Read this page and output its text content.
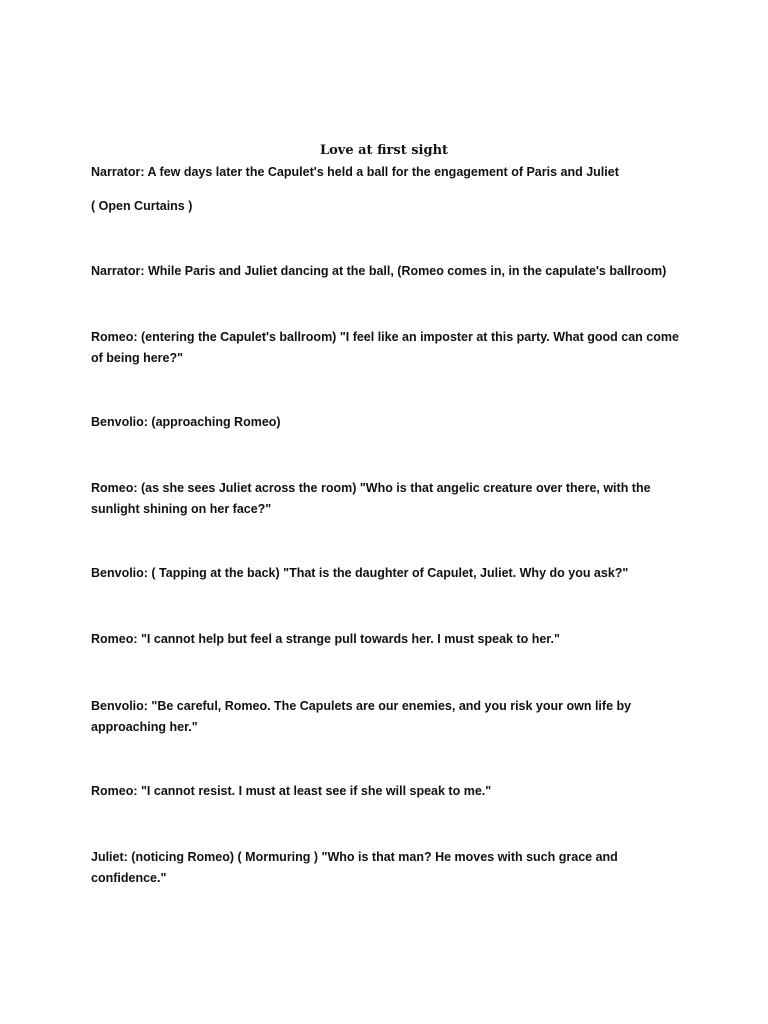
Love at first sight

Narrator: A few days later the Capulet's held a ball for the engagement of Paris and Juliet

( Open Curtains )

Narrator: While Paris and Juliet dancing at the ball, (Romeo comes in, in the capulate's ballroom)

Romeo: (entering the Capulet's ballroom) "I feel like an imposter at this party. What good can come of being here?"

Benvolio: (approaching Romeo)

Romeo: (as she sees Juliet across the room) "Who is that angelic creature over there, with the sunlight shining on her face?"

Benvolio: ( Tapping at the back) "That is the daughter of Capulet, Juliet. Why do you ask?"

Romeo: "I cannot help but feel a strange pull towards her. I must speak to her."

Benvolio: "Be careful, Romeo. The Capulets are our enemies, and you risk your own life by approaching her."

Romeo: "I cannot resist. I must at least see if she will speak to me."

Juliet: (noticing Romeo) ( Mormuring ) "Who is that man? He moves with such grace and confidence."
